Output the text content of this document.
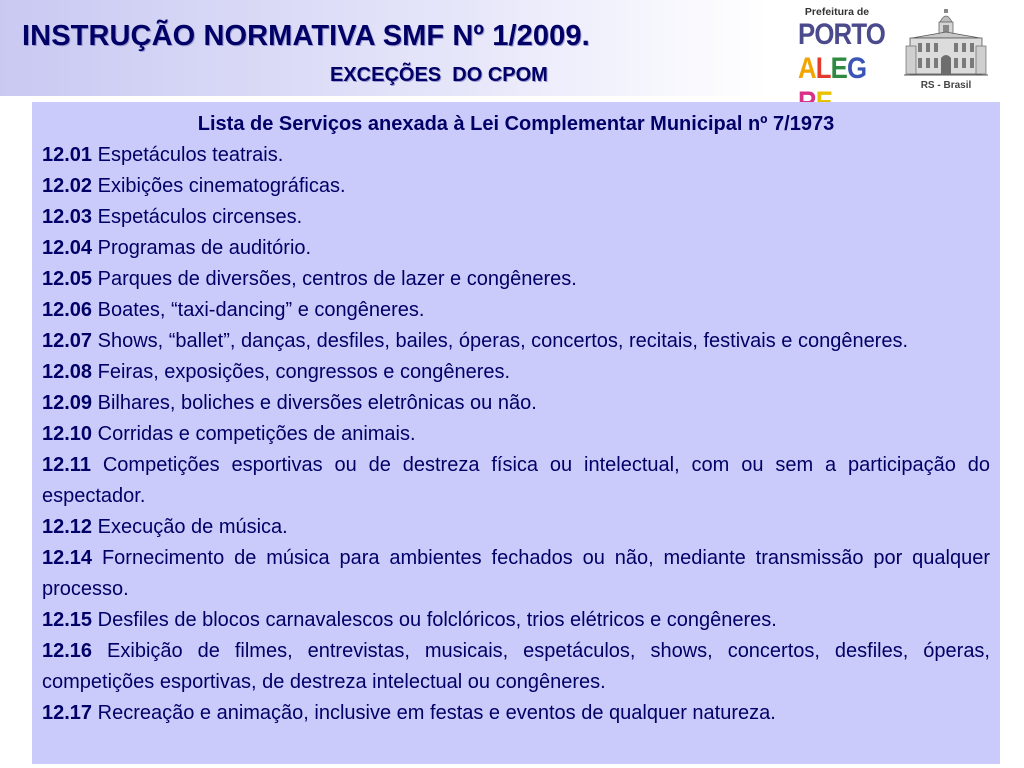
INSTRUÇÃO NORMATIVA SMF Nº 1/2009.
EXCEÇÕES  DO CPOM
Prefeitura de
PORTO
ALEG
RS - Brasil
Lista de Serviços anexada à Lei Complementar Municipal nº 7/1973

12.01 Espetáculos teatrais.

12.02 Exibições cinematográficas.

12.03 Espetáculos circenses.

12.04 Programas de auditório.

12.05 Parques de diversões, centros de lazer e congêneres.

12.06 Boates, “taxi-dancing” e congêneres.

12.07 Shows, “ballet”, danças, desfiles, bailes, óperas, concertos, recitais, festivais e congêneres.

12.08 Feiras, exposições, congressos e congêneres.

12.09 Bilhares, boliches e diversões eletrônicas ou não.

12.10 Corridas e competições de animais.

12.11 Competições esportivas ou de destreza física ou intelectual, com ou sem a participação do espectador.

12.12 Execução de música.

12.14 Fornecimento de música para ambientes fechados ou não, mediante transmissão por qualquer processo.

12.15 Desfiles de blocos carnavalescos ou folclóricos, trios elétricos e congêneres.

12.16 Exibição de filmes, entrevistas, musicais, espetáculos, shows, concertos, desfiles, óperas, competições esportivas, de destreza intelectual ou congêneres.

12.17 Recreação e animação, inclusive em festas e eventos de qualquer natureza.
